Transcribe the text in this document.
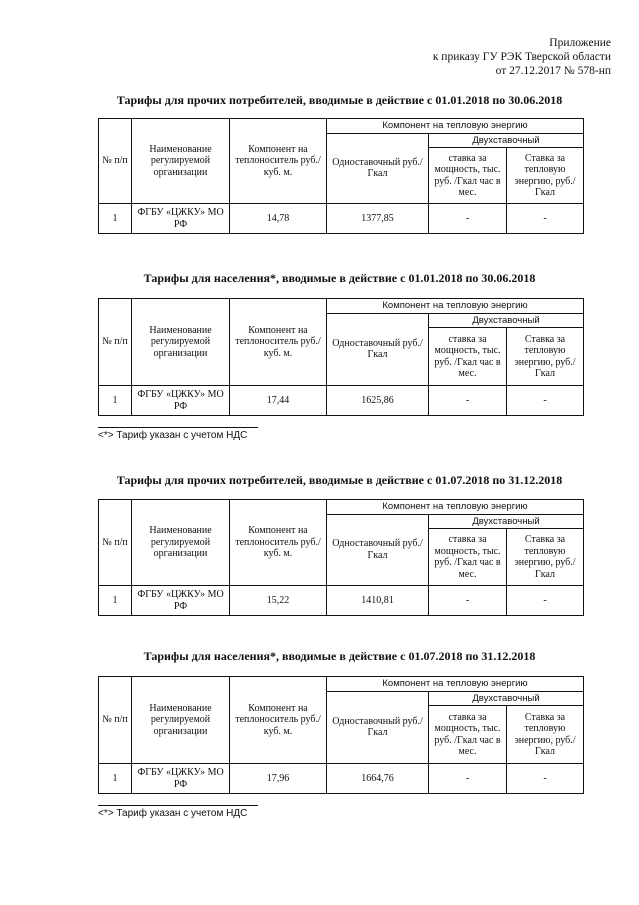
Приложение
к приказу ГУ РЭК Тверской области
от 27.12.2017 № 578-нп
Тарифы для прочих потребителей, вводимые в действие с 01.01.2018 по 30.06.2018
№ п/п	Наименование регулируемой организации	Компонент на теплоноситель руб./куб. м.	Компонент на тепловую энергию		
			Одноставочный руб./Гкал	Двухставочный	
				ставка за мощность, тыс. руб. /Гкал час в мес.	Ставка за тепловую энергию, руб./Гкал
1	ФГБУ «ЦЖКУ» МО РФ	14,78	1377,85	-	-
Тарифы для населения*, вводимые в действие с 01.01.2018 по 30.06.2018
№ п/п	Наименование регулируемой организации	Компонент на теплоноситель руб./куб. м.	Компонент на тепловую энергию		
			Одноставочный руб./Гкал	Двухставочный	
				ставка за мощность, тыс. руб. /Гкал час в мес.	Ставка за тепловую энергию, руб./Гкал
1	ФГБУ «ЦЖКУ» МО РФ	17,44	1625,86	-	-
<*> Тариф указан с учетом НДС
Тарифы для прочих потребителей, вводимые в действие с 01.07.2018 по 31.12.2018
№ п/п	Наименование регулируемой организации	Компонент на теплоноситель руб./куб. м.	Компонент на тепловую энергию		
			Одноставочный руб./Гкал	Двухставочный	
				ставка за мощность, тыс. руб. /Гкал час в мес.	Ставка за тепловую энергию, руб./Гкал
1	ФГБУ «ЦЖКУ» МО РФ	15,22	1410,81	-	-
Тарифы для населения*, вводимые в действие с 01.07.2018 по 31.12.2018
№ п/п	Наименование регулируемой организации	Компонент на теплоноситель руб./куб. м.	Компонент на тепловую энергию		
			Одноставочный руб./Гкал	Двухставочный	
				ставка за мощность, тыс. руб. /Гкал час в мес.	Ставка за тепловую энергию, руб./Гкал
1	ФГБУ «ЦЖКУ» МО РФ	17,96	1664,76	-	-
<*> Тариф указан с учетом НДС
